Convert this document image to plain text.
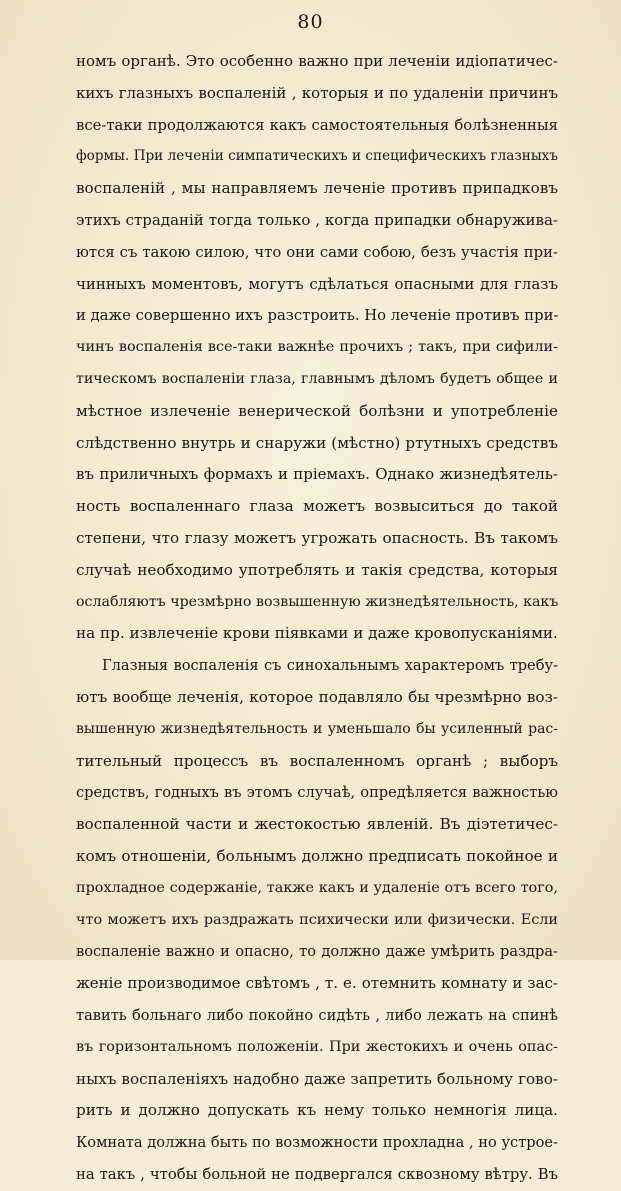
80
номъ органѣ. Это особенно важно при леченіи идіопатичес-
кихъ глазныхъ воспаленій , которыя и по удаленіи причинъ
все-таки продолжаются какъ самостоятельныя болѣзненныя
формы. При леченіи симпатическихъ и специфическихъ глазныхъ
воспаленій , мы направляемъ леченіе противъ припадковъ
этихъ страданій тогда только , когда припадки обнаружива-
ются съ такою силою, что они сами собою, безъ участія при-
чинныхъ моментовъ, могутъ сдѣлаться опасными для глазъ
и даже совершенно ихъ разстроить. Но леченіе противъ при-
чинъ воспаленія все-таки важнѣе прочихъ ; такъ, при сифили-
тическомъ воспаленіи глаза, главнымъ дѣломъ будетъ общее и
мѣстное излеченіе венерической болѣзни и употребленіе
слѣдственно внутрь и снаружи (мѣстно) ртутныхъ средствъ
въ приличныхъ формахъ и пріемахъ. Однако жизнедѣятель-
ность воспаленнаго глаза можетъ возвыситься до такой
степени, что глазу можетъ угрожать опасность. Въ такомъ
случаѣ необходимо употреблять и такія средства, которыя
ослабляютъ чрезмѣрно возвышенную жизнедѣятельность, какъ
на пр. извлеченіе крови піявками и даже кровопусканіями.
Глазныя воспаленія съ синохальнымъ характеромъ требу-
ютъ вообще леченія, которое подавляло бы чрезмѣрно воз-
вышенную жизнедѣятельность и уменьшало бы усиленный рас-
тительный процессъ въ воспаленномъ органѣ ; выборъ
средствъ, годныхъ въ этомъ случаѣ, опредѣляется важностью
воспаленной части и жестокостью явленій. Въ діэтетичес-
комъ отношеніи, больнымъ должно предписать покойное и
прохладное содержаніе, также какъ и удаленіе отъ всего того,
что можетъ ихъ раздражать психически или физически. Если
воспаленіе важно и опасно, то должно даже умѣрить раздра-
женіе производимое свѣтомъ , т. е. отемнить комнату и зас-
тавить больнаго либо покойно сидѣть , либо лежать на спинѣ
въ горизонтальномъ положеніи. При жестокихъ и очень опас-
ныхъ воспаленіяхъ надобно даже запретить больному гово-
рить и должно допускать къ нему только немногія лица.
Комната должна быть по возможности прохладна , но устрое-
на такъ , чтобы больной не подвергался сквозному вѣтру. Въ
